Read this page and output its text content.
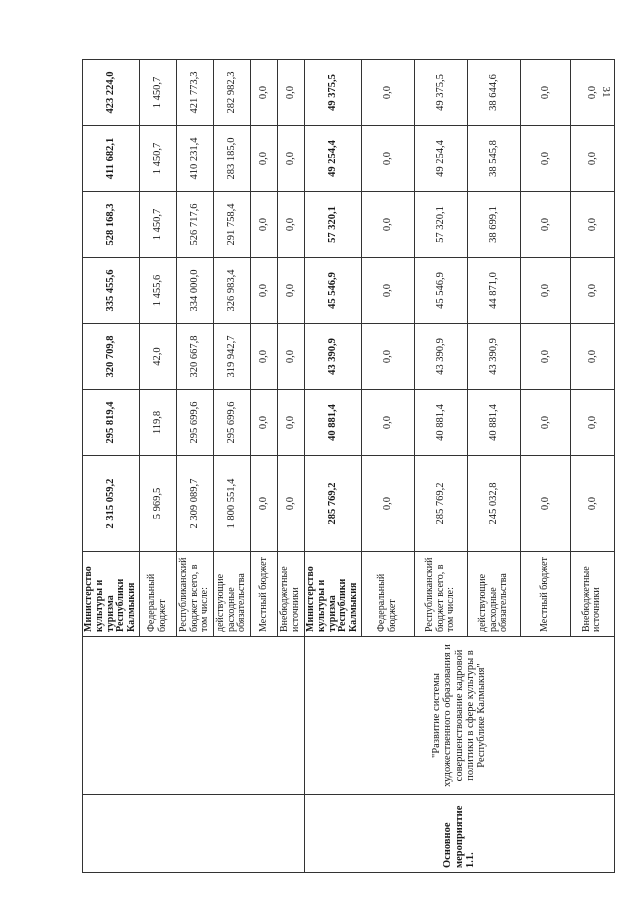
31
		Министерство культуры и туризма Республики Калмыкия	2 315 059,2	295 819,4	320 709,8	335 455,6	528 168,3	411 682,1	423 224,0
		Федеральный бюджет	5 969,5	119,8	42,0	1 455,6	1 450,7	1 450,7	1 450,7
		Республиканский бюджет всего, в том числе:	2 309 089,7	295 699,6	320 667,8	334 000,0	526 717,6	410 231,4	421 773,3
		действующие расходные обязательства	1 800 551,4	295 699,6	319 942,7	326 983,4	291 758,4	283 185,0	282 982,3
		Местный бюджет	0,0	0,0	0,0	0,0	0,0	0,0	0,0
		Внебюджетные источники	0,0	0,0	0,0	0,0	0,0	0,0	0,0
Основное мероприятие 1.1.	"Развитие системы художественного образования и совершенствование кадровой политики в сфере культуры в Республике Калмыкия"	Министерство культуры и туризма Республики Калмыкия	285 769,2	40 881,4	43 390,9	45 546,9	57 320,1	49 254,4	49 375,5
		Федеральный бюджет	0,0	0,0	0,0	0,0	0,0	0,0	0,0
		Республиканский бюджет всего, в том числе:	285 769,2	40 881,4	43 390,9	45 546,9	57 320,1	49 254,4	49 375,5
		действующие расходные обязательства	245 032,8	40 881,4	43 390,9	44 871,0	38 699,1	38 545,8	38 644,6
		Местный бюджет	0,0	0,0	0,0	0,0	0,0	0,0	0,0
		Внебюджетные источники	0,0	0,0	0,0	0,0	0,0	0,0	0,0
